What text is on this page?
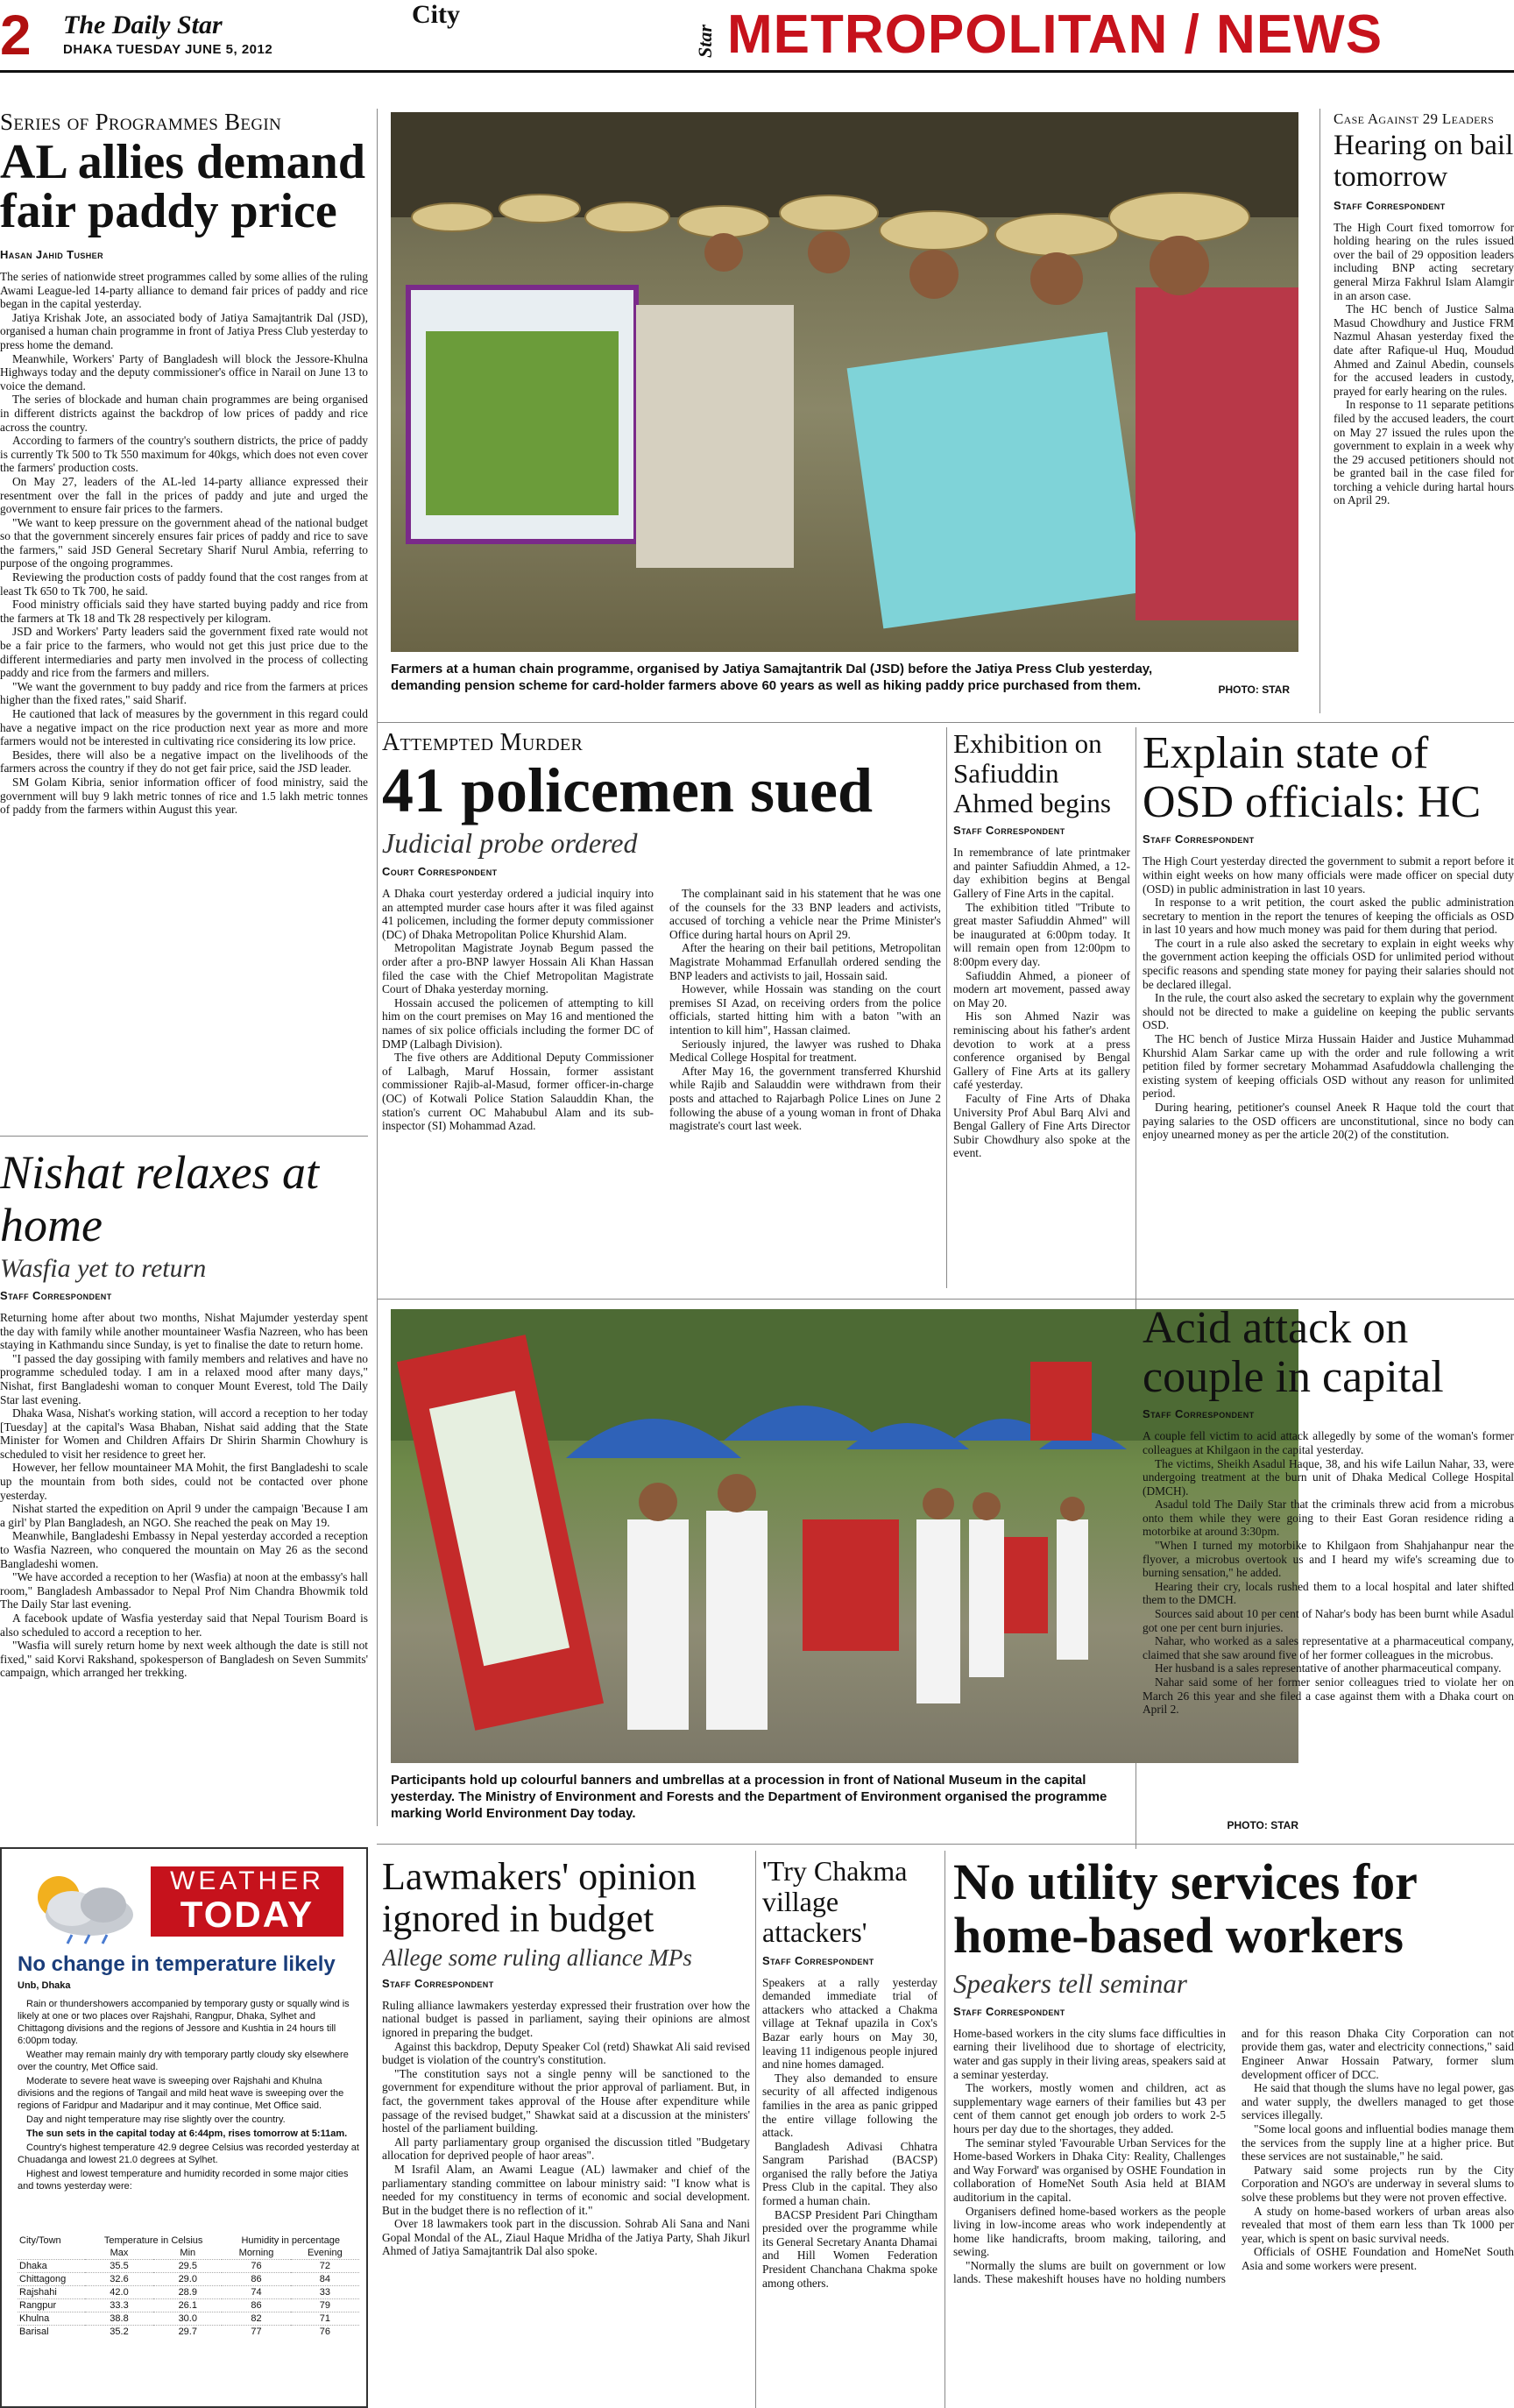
2	The Daily Star
DHAKA TUESDAY JUNE 5, 2012
City
Star METROPOLITAN / NEWS
Series of Programmes Begin
AL allies demand fair paddy price
Hasan Jahid Tusher

The series of nationwide street programmes called by some allies of the ruling Awami League-led 14-party alliance to demand fair prices of paddy and rice began in the capital yesterday.

Jatiya Krishak Jote, an associated body of Jatiya Samajtantrik Dal (JSD), organised a human chain programme in front of Jatiya Press Club yesterday to press home the demand.

Meanwhile, Workers' Party of Bangladesh will block the Jessore-Khulna Highways today and the deputy commissioner's office in Narail on June 13 to voice the demand.

The series of blockade and human chain programmes are being organised in different districts against the backdrop of low prices of paddy and rice across the country.

According to farmers of the country's southern districts, the price of paddy is currently Tk 500 to Tk 550 maximum for 40kgs, which does not even cover the farmers' production costs.

On May 27, leaders of the AL-led 14-party alliance expressed their resentment over the fall in the prices of paddy and jute and urged the government to ensure fair prices to the farmers.

"We want to keep pressure on the government ahead of the national budget so that the government sincerely ensures fair prices of paddy and rice to save the farmers," said JSD General Secretary Sharif Nurul Ambia, referring to purpose of the ongoing programmes.

Reviewing the production costs of paddy found that the cost ranges from at least Tk 650 to Tk 700, he said.

Food ministry officials said they have started buying paddy and rice from the farmers at Tk 18 and Tk 28 respectively per kilogram.

JSD and Workers' Party leaders said the government fixed rate would not be a fair price to the farmers, who would not get this just price due to the different intermediaries and party men involved in the process of collecting paddy and rice from the farmers and millers.

"We want the government to buy paddy and rice from the farmers at prices higher than the fixed rates," said Sharif.

He cautioned that lack of measures by the government in this regard could have a negative impact on the rice production next year as more and more farmers would not be interested in cultivating rice considering its low price.

Besides, there will also be a negative impact on the livelihoods of the farmers across the country if they do not get fair price, said the JSD leader.

SM Golam Kibria, senior information officer of food ministry, said the government will buy 9 lakh metric tonnes of rice and 1.5 lakh metric tonnes of paddy from the farmers within August this year.

Nishat relaxes at home
Wasfia yet to return
Staff Correspondent

Returning home after about two months, Nishat Majumder yesterday spent the day with family while another mountaineer Wasfia Nazreen, who has been staying in Kathmandu since Sunday, is yet to finalise the date to return home.

"I passed the day gossiping with family members and relatives and have no programme scheduled today. I am in a relaxed mood after many days," Nishat, first Bangladeshi woman to conquer Mount Everest, told The Daily Star last evening.

Dhaka Wasa, Nishat's working station, will accord a reception to her today [Tuesday] at the capital's Wasa Bhaban, Nishat said adding that the State Minister for Women and Children Affairs Dr Shirin Sharmin Chowhury is scheduled to visit her residence to greet her.

However, her fellow mountaineer MA Mohit, the first Bangladeshi to scale up the mountain from both sides, could not be contacted over phone yesterday.

Nishat started the expedition on April 9 under the campaign 'Because I am a girl' by Plan Bangladesh, an NGO. She reached the peak on May 19.

Meanwhile, Bangladeshi Embassy in Nepal yesterday accorded a reception to Wasfia Nazreen, who conquered the mountain on May 26 as the second Bangladeshi women.

"We have accorded a reception to her (Wasfia) at noon at the embassy's hall room," Bangladesh Ambassador to Nepal Prof Nim Chandra Bhowmik told The Daily Star last evening.

A facebook update of Wasfia yesterday said that Nepal Tourism Board is also scheduled to accord a reception to her.

"Wasfia will surely return home by next week although the date is still not fixed," said Korvi Rakshand, spokesperson of Bangladesh on Seven Summits' campaign, which arranged her trekking.

WEATHER
TODAY
No change in temperature likely
Unb, Dhaka

Rain or thundershowers accompanied by temporary gusty or squally wind is likely at one or two places over Rajshahi, Rangpur, Dhaka, Sylhet and Chittagong divisions and the regions of Jessore and Kushtia in 24 hours till 6:00pm today.

Weather may remain mainly dry with temporary partly cloudy sky elsewhere over the country, Met Office said.

Moderate to severe heat wave is sweeping over Rajshahi and Khulna divisions and the regions of Tangail and mild heat wave is sweeping over the regions of Faridpur and Madaripur and it may continue, Met Office said.

Day and night temperature may rise slightly over the country.

The sun sets in the capital today at 6:44pm, rises tomorrow at 5:11am.

Country's highest temperature 42.9 degree Celsius was recorded yesterday at Chuadanga and lowest 21.0 degrees at Sylhet.

Highest and lowest temperature and humidity recorded in some major cities and towns yesterday were:

City/Town	Temperature in Celsius		Humidity in percentage	
	Max	Min	Morning	Evening
Dhaka	35.5	29.5	76	72
Chittagong	32.6	29.0	86	84
Rajshahi	42.0	28.9	74	33
Rangpur	33.3	26.1	86	79
Khulna	38.8	30.0	82	71
Barisal	35.2	29.7	77	76
Farmers at a human chain programme, organised by Jatiya Samajtantrik Dal (JSD) before the Jatiya Press Club yesterday, demanding pension scheme for card-holder farmers above 60 years as well as hiking paddy price purchased from them.	PHOTO: STAR
Case Against 29 Leaders
Hearing on bail tomorrow
Staff Correspondent

The High Court fixed tomorrow for holding hearing on the rules issued over the bail of 29 opposition leaders including BNP acting secretary general Mirza Fakhrul Islam Alamgir in an arson case.

The HC bench of Justice Salma Masud Chowdhury and Justice FRM Nazmul Ahasan yesterday fixed the date after Rafique-ul Huq, Moudud Ahmed and Zainul Abedin, counsels for the accused leaders in custody, prayed for early hearing on the rules.

In response to 11 separate petitions filed by the accused leaders, the court on May 27 issued the rules upon the government to explain in a week why the 29 accused petitioners should not be granted bail in the case filed for torching a vehicle during hartal hours on April 29.

Attempted Murder
41 policemen sued
Judicial probe ordered
Court Correspondent

A Dhaka court yesterday ordered a judicial inquiry into an attempted murder case hours after it was filed against 41 policemen, including the former deputy commissioner (DC) of Dhaka Metropolitan Police Khurshid Alam.

Metropolitan Magistrate Joynab Begum passed the order after a pro-BNP lawyer Hossain Ali Khan Hassan filed the case with the Chief Metropolitan Magistrate Court of Dhaka yesterday morning.

Hossain accused the policemen of attempting to kill him on the court premises on May 16 and mentioned the names of six police officials including the former DC of DMP (Lalbagh Division).

The five others are Additional Deputy Commissioner of Lalbagh, Maruf Hossain, former assistant commissioner Rajib-al-Masud, former officer-in-charge (OC) of Kotwali Police Station Salauddin Khan, the station's current OC Mahabubul Alam and its sub-inspector (SI) Mohammad Azad.

The complainant said in his statement that he was one of the counsels for the 33 BNP leaders and activists, accused of torching a vehicle near the Prime Minister's Office during hartal hours on April 29.

After the hearing on their bail petitions, Metropolitan Magistrate Mohammad Erfanullah ordered sending the BNP leaders and activists to jail, Hossain said.

However, while Hossain was standing on the court premises SI Azad, on receiving orders from the police officials, started hitting him with a baton "with an intention to kill him", Hassan claimed.

Seriously injured, the lawyer was rushed to Dhaka Medical College Hospital for treatment.

After May 16, the government transferred Khurshid while Rajib and Salauddin were withdrawn from their posts and attached to Rajarbagh Police Lines on June 2 following the abuse of a young woman in front of Dhaka magistrate's court last week.

Exhibition on Safiuddin Ahmed begins
Staff Correspondent

In remembrance of late printmaker and painter Safiuddin Ahmed, a 12-day exhibition begins at Bengal Gallery of Fine Arts in the capital.

The exhibition titled "Tribute to great master Safiuddin Ahmed" will be inaugurated at 6:00pm today. It will remain open from 12:00pm to 8:00pm every day.

Safiuddin Ahmed, a pioneer of modern art movement, passed away on May 20.

His son Ahmed Nazir was reminiscing about his father's ardent devotion to work at a press conference organised by Bengal Gallery of Fine Arts at its gallery café yesterday.

Faculty of Fine Arts of Dhaka University Prof Abul Barq Alvi and Bengal Gallery of Fine Arts Director Subir Chowdhury also spoke at the event.

Explain state of OSD officials: HC
Staff Correspondent

The High Court yesterday directed the government to submit a report before it within eight weeks on how many officials were made officer on special duty (OSD) in public administration in last 10 years.

In response to a writ petition, the court asked the public administration secretary to mention in the report the tenures of keeping the officials as OSD in last 10 years and how much money was paid for them during that period.

The court in a rule also asked the secretary to explain in eight weeks why the government action keeping the officials OSD for unlimited period without specific reasons and spending state money for paying their salaries should not be declared illegal.

In the rule, the court also asked the secretary to explain why the government should not be directed to make a guideline on keeping the public servants OSD.

The HC bench of Justice Mirza Hussain Haider and Justice Muhammad Khurshid Alam Sarkar came up with the order and rule following a writ petition filed by former secretary Mohammad Asafuddowla challenging the existing system of keeping officials OSD without any reason for unlimited period.

During hearing, petitioner's counsel Aneek R Haque told the court that paying salaries to the OSD officers are unconstitutional, since no body can enjoy unearned money as per the article 20(2) of the constitution.

Participants hold up colourful banners and umbrellas at a procession in front of National Museum in the capital yesterday. The Ministry of Environment and Forests and the Department of Environment organised the programme marking World Environment Day today.
PHOTO: STAR
Acid attack on couple in capital
Staff Correspondent

A couple fell victim to acid attack allegedly by some of the woman's former colleagues at Khilgaon in the capital yesterday.

The victims, Sheikh Asadul Haque, 38, and his wife Lailun Nahar, 33, were undergoing treatment at the burn unit of Dhaka Medical College Hospital (DMCH).

Asadul told The Daily Star that the criminals threw acid from a microbus onto them while they were going to their East Goran residence riding a motorbike at around 3:30pm.

"When I turned my motorbike to Khilgaon from Shahjahanpur near the flyover, a microbus overtook us and I heard my wife's screaming due to burning sensation," he added.

Hearing their cry, locals rushed them to a local hospital and later shifted them to the DMCH.

Sources said about 10 per cent of Nahar's body has been burnt while Asadul got one per cent burn injuries.

Nahar, who worked as a sales representative at a pharmaceutical company, claimed that she saw around five of her former colleagues in the microbus.

Her husband is a sales representative of another pharmaceutical company.

Nahar said some of her former senior colleagues tried to violate her on March 26 this year and she filed a case against them with a Dhaka court on April 2.

Lawmakers' opinion ignored in budget
Allege some ruling alliance MPs
Staff Correspondent

Ruling alliance lawmakers yesterday expressed their frustration over how the national budget is passed in parliament, saying their opinions are almost ignored in preparing the budget.

Against this backdrop, Deputy Speaker Col (retd) Shawkat Ali said revised budget is violation of the country's constitution.

"The constitution says not a single penny will be sanctioned to the government for expenditure without the prior approval of parliament. But, in fact, the government takes approval of the House after expenditure while passage of the revised budget," Shawkat said at a discussion at the ministers' hostel of the parliament building.

All party parliamentary group organised the discussion titled "Budgetary allocation for deprived people of haor areas".

M Israfil Alam, an Awami League (AL) lawmaker and chief of the parliamentary standing committee on labour ministry said: "I know what is needed for my constituency in terms of economic and social development. But in the budget there is no reflection of it."

Over 18 lawmakers took part in the discussion. Sohrab Ali Sana and Nani Gopal Mondal of the AL, Ziaul Haque Mridha of the Jatiya Party, Shah Jikurl Ahmed of Jatiya Samajtantrik Dal also spoke.

'Try Chakma village attackers'
Staff Correspondent

Speakers at a rally yesterday demanded immediate trial of attackers who attacked a Chakma village at Teknaf upazila in Cox's Bazar early hours on May 30, leaving 11 indigenous people injured and nine homes damaged.

They also demanded to ensure security of all affected indigenous families in the area as panic gripped the entire village following the attack.

Bangladesh Adivasi Chhatra Sangram Parishad (BACSP) organised the rally before the Jatiya Press Club in the capital. They also formed a human chain.

BACSP President Pari Chingtham presided over the programme while its General Secretary Ananta Dhamai and Hill Women Federation President Chanchana Chakma spoke among others.

No utility services for home-based workers
Speakers tell seminar
Staff Correspondent

Home-based workers in the city slums face difficulties in earning their livelihood due to shortage of electricity, water and gas supply in their living areas, speakers said at a seminar yesterday.

The workers, mostly women and children, act as supplementary wage earners of their families but 43 per cent of them cannot get enough job orders to work 2-5 hours per day due to the shortages, they added.

The seminar styled 'Favourable Urban Services for the Home-based Workers in Dhaka City: Reality, Challenges and Way Forward' was organised by OSHE Foundation in collaboration of HomeNet South Asia held at BIAM auditorium in the capital.

Organisers defined home-based workers as the people living in low-income areas who work independently at home like handicrafts, broom making, tailoring, and sewing.

"Normally the slums are built on government or low lands. These makeshift houses have no holding numbers and for this reason Dhaka City Corporation can not provide them gas, water and electricity connections," said Engineer Anwar Hossain Patwary, former slum development officer of DCC.

He said that though the slums have no legal power, gas and water supply, the dwellers managed to get those services illegally.

"Some local goons and influential bodies manage them the services from the supply line at a higher price. But these services are not sustainable," he said.

Patwary said some projects run by the City Corporation and NGO's are underway in several slums to solve these problems but they were not proven effective.

A study on home-based workers of urban areas also revealed that most of them earn less than Tk 1000 per year, which is spent on basic survival needs.

Officials of OSHE Foundation and HomeNet South Asia and some workers were present.
